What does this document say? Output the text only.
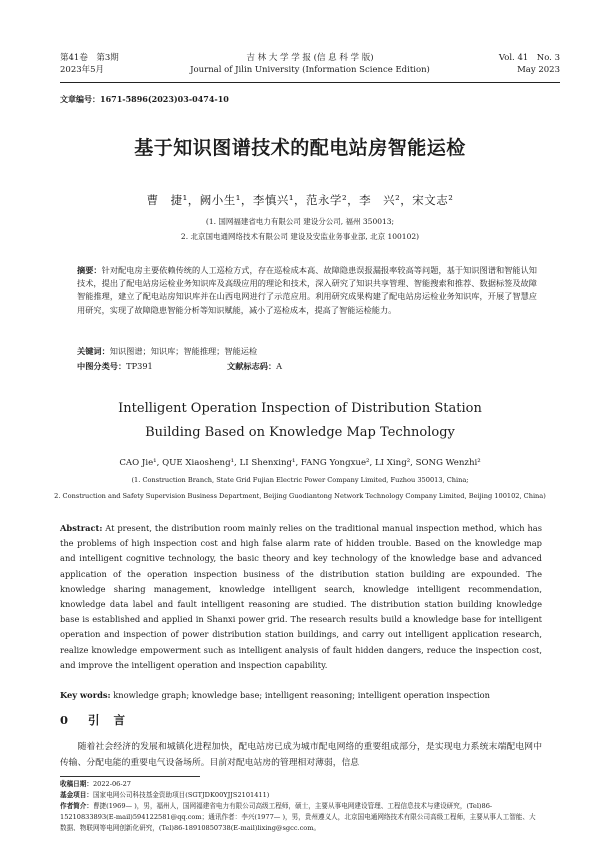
第41卷　第3期
2023年5月
吉 林 大 学 学 报 (信 息 科 学 版)
Journal of Jilin University (Information Science Edition)
Vol. 41　No. 3
May 2023
文章编号：1671-5896(2023)03-0474-10
基于知识图谱技术的配电站房智能运检
曹　捷¹，阙小生¹，李慎兴¹，范永学²，李　兴²，宋文志²
(1. 国网福建省电力有限公司 建设分公司, 福州 350013;
2. 北京国电通网络技术有限公司 建设及安监业务事业部, 北京 100102)
摘要：针对配电房主要依赖传统的人工巡检方式，存在巡检成本高、故障隐患误报漏报率较高等问题，基于知识图谱和智能认知技术，提出了配电站房运检业务知识库及高级应用的理论和技术，深入研究了知识共享管理、智能搜索和推荐、数据标签及故障智能推理，建立了配电站房知识库并在山西电网进行了示范应用。利用研究成果构建了配电站房运检业务知识库，开展了智慧应用研究，实现了故障隐患智能分析等知识赋能，减小了巡检成本，提高了智能运检能力。
关键词：知识图谱；知识库；智能推理；智能运检
中图分类号：TP391	文献标志码：A
Intelligent Operation Inspection of Distribution Station
Building Based on Knowledge Map Technology
CAO Jie¹, QUE Xiaosheng¹, LI Shenxing¹, FANG Yongxue², LI Xing², SONG Wenzhi²
(1. Construction Branch, State Grid Fujian Electric Power Company Limited, Fuzhou 350013, China;
2. Construction and Safety Supervision Business Department, Beijing Guodiantong Network Technology Company Limited, Beijing 100102, China)
Abstract: At present, the distribution room mainly relies on the traditional manual inspection method, which has the problems of high inspection cost and high false alarm rate of hidden trouble. Based on the knowledge map and intelligent cognitive technology, the basic theory and key technology of the knowledge base and advanced application of the operation inspection business of the distribution station building are expounded. The knowledge sharing management, knowledge intelligent search, knowledge intelligent recommendation, knowledge data label and fault intelligent reasoning are studied. The distribution station building knowledge base is established and applied in Shanxi power grid. The research results build a knowledge base for intelligent operation and inspection of power distribution station buildings, and carry out intelligent application research, realize knowledge empowerment such as intelligent analysis of fault hidden dangers, reduce the inspection cost, and improve the intelligent operation and inspection capability.
Key words: knowledge graph; knowledge base; intelligent reasoning; intelligent operation inspection
0 引言
随着社会经济的发展和城镇化进程加快，配电站房已成为城市配电网络的重要组成部分，是实现电力系统末端配电网中传输、分配电能的重要电气设备场所。目前对配电站房的管理相对薄弱，信息
收稿日期：2022-06-27
基金项目：国家电网公司科技基金资助项目(SGTJDK00YJJS2101411)
作者简介：曹捷(1969— )，男，福州人，国网福建省电力有限公司高级工程师，硕士，主要从事电网建设管理、工程信息技术与建设研究，(Tel)86-15210833893(E-mail)594122581@qq.com；通讯作者：李兴(1977— )，男，贵州遵义人，北京国电通网络技术有限公司高级工程师，主要从事人工智能、大数据、物联网等电网创新化研究，(Tel)86-18910850738(E-mail)lixing@sgcc.com。
